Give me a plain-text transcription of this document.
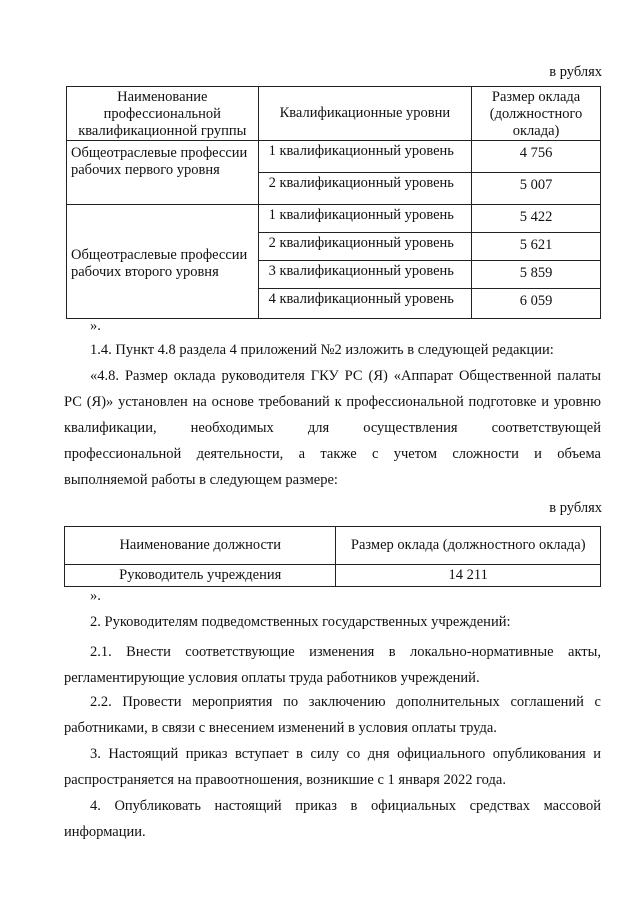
в рублях
Наименование профессиональной квалификационной группы	Квалификационные уровни	Размер оклада (должностного оклада)
Общеотраслевые профессии рабочих первого уровня	1 квалификационный уровень	4 756
	2 квалификационный уровень	5 007
Общеотраслевые профессии рабочих второго уровня	1 квалификационный уровень	5 422
	2 квалификационный уровень	5 621
	3 квалификационный уровень	5 859
	4 квалификационный уровень	6 059
».
1.4. Пункт 4.8 раздела 4 приложений №2 изложить в следующей редакции:
«4.8. Размер оклада руководителя ГКУ РС (Я) «Аппарат Общественной палаты
РС (Я)» установлен на основе требований к профессиональной подготовке и уровню
квалификации, необходимых для осуществления соответствующей
профессиональной деятельности, а также с учетом сложности и объема
выполняемой работы в следующем размере:
в рублях
Наименование должности	Размер оклада (должностного оклада)
Руководитель учреждения	14 211
».
2. Руководителям подведомственных государственных учреждений:
2.1. Внести соответствующие изменения в локально-нормативные акты, регламентирующие условия оплаты труда работников учреждений.
2.2. Провести мероприятия по заключению дополнительных соглашений с работниками, в связи с внесением изменений в условия оплаты труда.
3. Настоящий приказ вступает в силу со дня официального опубликования и распространяется на правоотношения, возникшие с 1 января 2022 года.
4. Опубликовать настоящий приказ в официальных средствах массовой информации.
